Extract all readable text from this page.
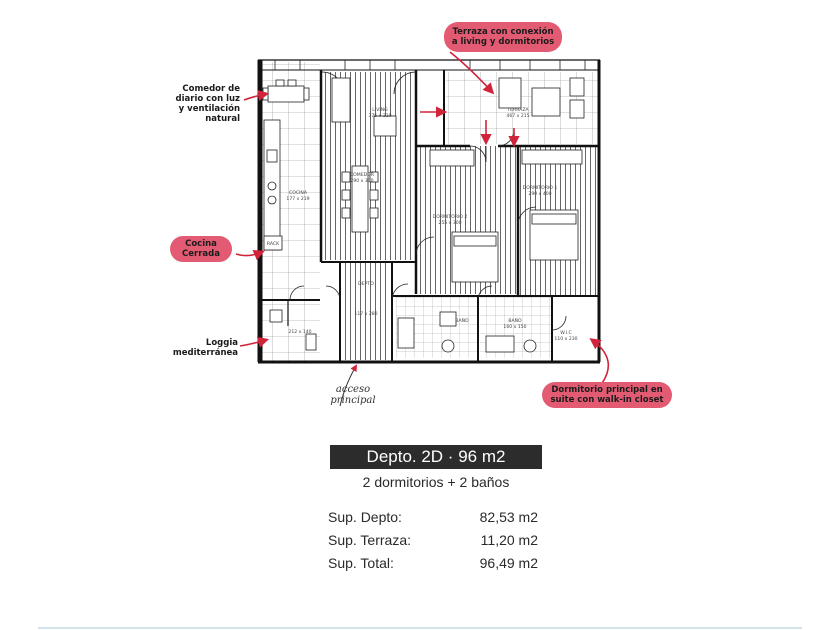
LIVING
375 x 210
TERRAZA
467 x 215
COMEDOR
290 x 300
COCINA
177 x 219
RACK
DORMITORIO 2
255 x 300
DORMITORIO 1
290 x 400
DEPTO
117 x 280
212 x 140
BAÑO	BAÑO
160 x 150
W.I.C
110 x 230
Terraza con conexión
a living y dormitorios
Comedor de
diario con luz
y ventilación
natural
Cocina
Cerrada
Loggia
mediterránea
acceso
principal
Dormitorio principal en
suite con walk-in closet
Depto. 2D · 96 m2
2 dormitorios + 2 baños
Sup. Depto:	82,53 m2
Sup. Terraza:	11,20 m2
Sup. Total:	96,49 m2
